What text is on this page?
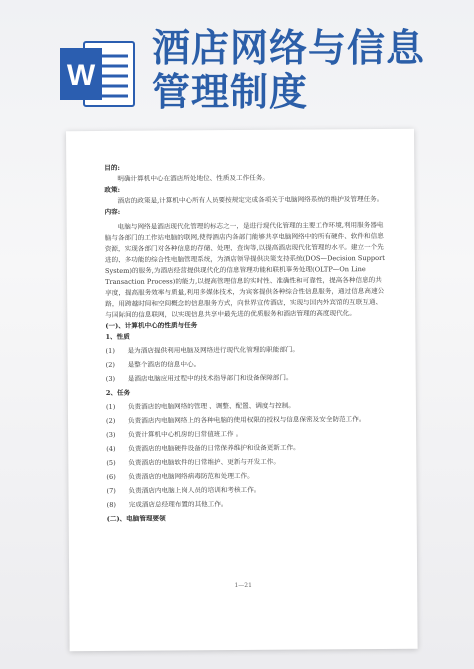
W
酒店网络与信息管理制度

目的:

明确计算机中心在酒店所处地位、性质及工作任务。

政策:

酒店的政策是,计算机中心所有人员要按规定完成各项关于电脑网络系统的维护及管理任务。

内容:

电脑与网络是酒店现代化管理的标志之一，是进行现代化管理的主要工作环境,利用服务器电脑与各部门的工作站电脑的联网,使得酒店内各部门能够共享电脑网络中的所有硬件、软件和信息资源，实现各部门对各种信息的存储、处理、查询等,以提高酒店现代化管理的水平。建立一个先进的、多功能的综合性电脑管理系统，为酒店领导提供决策支持系统(DOS—Decision Support System)的服务,为酒店经营提供现代化的信息管理功能和联机事务处理(OLTP—On Line Transaction Process)的能力,以提高管理信息的实时性、准确性和可靠性，提高各种信息的共享度，提高服务效率与质量,利用多媒体技术，为宾客提供各种综合性信息服务，通过信息高速公路，用跨越时间和空间概念的信息服务方式，向世界宣传酒店，实现与国内外宾馆的互联互通、与国际间的信息联网，以实现信息共享中最先进的优质服务和酒店管理的高度现代化。

(一)、计算机中心的性质与任务

1、性质

(1)	是为酒店提供利用电脑及网络进行现代化管理的职能部门。
(2)	是整个酒店的信息中心。
(3)	是酒店电脑应用过程中的技术指导部门和设备保障部门。

2、任务

(1)	负责酒店的电脑网络的管理 、调整、配置、调度与控制。
(2)	负责酒店内电脑网络上的各种电脑的使用权限的授权与信息保密及安全防范工作。
(3)	负责计算机中心机房的日常值班工作 。
(4)	负责酒店的电脑硬件设备的日常保养维护和设备更新工作。
(5)	负责酒店的电脑软件的日常维护、更新与开发工作。
(6)	负责酒店的电脑网络病毒防范和处理工作。
(7)	负责酒店内电脑上岗人员的培训和考核工作。
(8)	完成酒店总经理布置的其他工作。

(二)、电脑管理要领

1—21
